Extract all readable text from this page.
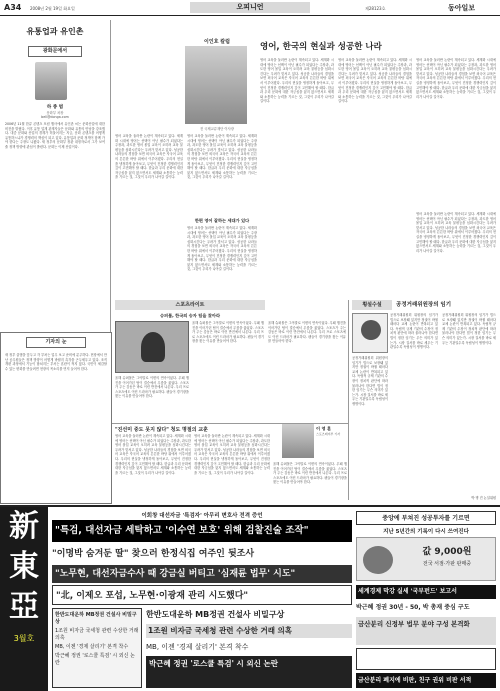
A34 2008년 2월 19일 화요일	오피니언	제28123호	동아일보
유통업과 유인촌
광화문에서
하 종 범
문화부 차장
bell@donga.com
2006년 11월 한류 콘텐츠 포럼 행사에서 유인촌 씨는 문화산업에 대한 비전을 밝혔다. 이후 유통 업계 관계자들은 문화와 유통의 만남을 강조했다. 대중 문화와 산업의 경계가 허물어지는 지금, 문화 콘텐츠를 어떻게 유통하느냐가 경쟁력의 핵심이 되고 있다. 유통업과 문화 정책이 함께 가야 한다는 주장도 나왔다. 새 정부의 문화부 장관 내정자로서 그가 보여줄 정책 방향에 관심이 쏠린다. 문화는 이제 산업이다.
기자의 눈
새 정부 출범을 앞두고 각 부처는 업무 보고 준비에 분주하다. 현장에서 만난 공무원들은 정책 방향이 어떻게 바뀔지 촉각을 곤두세우고 있다. 조직 개편 과정에서 기능이 합쳐지는 부서는 혼란이 적지 않다. 국민이 체감할 수 있는 변화를 만들려면 현장의 목소리를 먼저 들어야 한다.
이인호 칼럼
전 국제교류재단 이사장
영어, 한국의 현실과 성공한 나라
영어 교육을 둘러싼 논란이 계속되고 있다. 세계화 시대에 영어는 선택이 아닌 필수가 되었다는 주장과, 과도한 영어 몰입 교육이 오히려 교육 불평등을 심화시킨다는 우려가 맞서고 있다. 성공한 나라들의 경험을 보면 외국어 교육은 자국어 교육의 튼튼한 바탕 위에서 이루어졌다. 우리의 현실을 냉정하게 돌아보고, 무엇이 진정한 경쟁력인지 깊이 고민해야 할 때다. 한글과 우리 문화에 대한 자긍심을 잃지 않으면서도 세계와 소통하는 능력을 기르는 것, 그것이 우리가 나아갈 길이다.
영어 교육을 둘러싼 논란이 계속되고 있다. 세계화 시대에 영어는 선택이 아닌 필수가 되었다는 주장과, 과도한 영어 몰입 교육이 오히려 교육 불평등을 심화시킨다는 우려가 맞서고 있다. 성공한 나라들의 경험을 보면 외국어 교육은 자국어 교육의 튼튼한 바탕 위에서 이루어졌다. 우리의 현실을 냉정하게 돌아보고, 무엇이 진정한 경쟁력인지 깊이 고민해야 할 때다. 한글과 우리 문화에 대한 자긍심을 잃지 않으면서도 세계와 소통하는 능력을 기르는 것, 그것이 우리가 나아갈 길이다.
영어 교육을 둘러싼 논란이 계속되고 있다. 세계화 시대에 영어는 선택이 아닌 필수가 되었다는 주장과, 과도한 영어 몰입 교육이 오히려 교육 불평등을 심화시킨다는 우려가 맞서고 있다. 성공한 나라들의 경험을 보면 외국어 교육은 자국어 교육의 튼튼한 바탕 위에서 이루어졌다. 우리의 현실을 냉정하게 돌아보고, 무엇이 진정한 경쟁력인지 깊이 고민해야 할 때다. 한글과 우리 문화에 대한 자긍심을 잃지 않으면서도 세계와 소통하는 능력을 기르는 것, 그것이 우리가 나아갈 길이다.
영어 교육을 둘러싼 논란이 계속되고 있다. 세계화 시대에 영어는 선택이 아닌 필수가 되었다는 주장과, 과도한 영어 몰입 교육이 오히려 교육 불평등을 심화시킨다는 우려가 맞서고 있다. 성공한 나라들의 경험을 보면 외국어 교육은 자국어 교육의 튼튼한 바탕 위에서 이루어졌다. 우리의 현실을 냉정하게 돌아보고, 무엇이 진정한 경쟁력인지 깊이 고민해야 할 때다. 한글과 우리 문화에 대한 자긍심을 잃지 않으면서도 세계와 소통하는 능력을 기르는 것, 그것이 우리가 나아갈 길이다.
영어 교육을 둘러싼 논란이 계속되고 있다. 세계화 시대에 영어는 선택이 아닌 필수가 되었다는 주장과, 과도한 영어 몰입 교육이 오히려 교육 불평등을 심화시킨다는 우려가 맞서고 있다. 성공한 나라들의 경험을 보면 외국어 교육은 자국어 교육의 튼튼한 바탕 위에서 이루어졌다. 우리의 현실을 냉정하게 돌아보고, 무엇이 진정한 경쟁력인지 깊이 고민해야 할 때다. 한글과 우리 문화에 대한 자긍심을 잃지 않으면서도 세계와 소통하는 능력을 기르는 것, 그것이 우리가 나아갈 길이다.
한편 영어 잘하는 세대가 있다
영어 교육을 둘러싼 논란이 계속되고 있다. 세계화 시대에 영어는 선택이 아닌 필수가 되었다는 주장과, 과도한 영어 몰입 교육이 오히려 교육 불평등을 심화시킨다는 우려가 맞서고 있다. 성공한 나라들의 경험을 보면 외국어 교육은 자국어 교육의 튼튼한 바탕 위에서 이루어졌다. 우리의 현실을 냉정하게 돌아보고, 무엇이 진정한 경쟁력인지 깊이 고민해야 할 때다. 한글과 우리 문화에 대한 자긍심을 잃지 않으면서도 세계와 소통하는 능력을 기르는 것, 그것이 우리가 나아갈 길이다.
영어 교육을 둘러싼 논란이 계속되고 있다. 세계화 시대에 영어는 선택이 아닌 필수가 되었다는 주장과, 과도한 영어 몰입 교육이 오히려 교육 불평등을 심화시킨다는 우려가 맞서고 있다. 성공한 나라들의 경험을 보면 외국어 교육은 자국어 교육의 튼튼한 바탕 위에서 이루어졌다. 우리의 현실을 냉정하게 돌아보고, 무엇이 진정한 경쟁력인지 깊이 고민해야 할 때다. 한글과 우리 문화에 대한 자긍심을 잃지 않으면서도 세계와 소통하는 능력을 기르는 것, 그것이 우리가 나아갈 길이다.
스포츠라이트
슈퍼볼, 한국의 승자 팀을 찾아라
올해 슈퍼볼은 그야말로 이변의 연속이었다. 무패 행진을 이어가던 팀이 결승에서 무릎을 꿇었다. 스포츠가 주는 감동은 바로 이런 반전에서 나온다. 우리 프로 스포츠에도 이런 드라마가 필요하다. 팬들이 경기장을 찾는 이유를 만들어야 한다.
올해 슈퍼볼은 그야말로 이변의 연속이었다. 무패 행진을 이어가던 팀이 결승에서 무릎을 꿇었다. 스포츠가 주는 감동은 바로 이런 반전에서 나온다. 우리 프로 스포츠에도 이런 드라마가 필요하다. 팬들이 경기장을 찾는 이유를 만들어야 한다.
올해 슈퍼볼은 그야말로 이변의 연속이었다. 무패 행진을 이어가던 팀이 결승에서 무릎을 꿇었다. 스포츠가 주는 감동은 바로 이런 반전에서 나온다. 우리 프로 스포츠에도 이런 드라마가 필요하다. 팬들이 경기장을 찾는 이유를 만들어야 한다.
이 영 훈
스포츠레저부 기자
횡설수설	공정거래위원장의 임기
공정거래위원회 위원장의 임기가 법으로 보장돼 있지만 정권이 바뀔 때마다 교체 논란이 반복되고 있다. 독립적 규제 기관의 수장이 정치적 판단에 따라 물러나야 한다면 법이 정한 임기는 무슨 의미가 있는가. 시장 질서를 바로 세우는 기관일수록 독립성이 생명이다.
공정거래위원회 위원장의 임기가 법으로 보장돼 있지만 정권이 바뀔 때마다 교체 논란이 반복되고 있다. 독립적 규제 기관의 수장이 정치적 판단에 따라 물러나야 한다면 법이 정한 임기는 무슨 의미가 있는가. 시장 질서를 바로 세우는 기관일수록 독립성이 생명이다.
공정거래위원회 위원장의 임기가 법으로 보장돼 있지만 정권이 바뀔 때마다 교체 논란이 반복되고 있다. 독립적 규제 기관의 수장이 정치적 판단에 따라 물러나야 한다면 법이 정한 임기는 무슨 의미가 있는가. 시장 질서를 바로 세우는 기관일수록 독립성이 생명이다.
박 명 진 논설위원
"진선미 중도 못지 않다" 청도 명절의 교훈
영어 교육을 둘러싼 논란이 계속되고 있다. 세계화 시대에 영어는 선택이 아닌 필수가 되었다는 주장과, 과도한 영어 몰입 교육이 오히려 교육 불평등을 심화시킨다는 우려가 맞서고 있다. 성공한 나라들의 경험을 보면 외국어 교육은 자국어 교육의 튼튼한 바탕 위에서 이루어졌다. 우리의 현실을 냉정하게 돌아보고, 무엇이 진정한 경쟁력인지 깊이 고민해야 할 때다. 한글과 우리 문화에 대한 자긍심을 잃지 않으면서도 세계와 소통하는 능력을 기르는 것, 그것이 우리가 나아갈 길이다.
영어 교육을 둘러싼 논란이 계속되고 있다. 세계화 시대에 영어는 선택이 아닌 필수가 되었다는 주장과, 과도한 영어 몰입 교육이 오히려 교육 불평등을 심화시킨다는 우려가 맞서고 있다. 성공한 나라들의 경험을 보면 외국어 교육은 자국어 교육의 튼튼한 바탕 위에서 이루어졌다. 우리의 현실을 냉정하게 돌아보고, 무엇이 진정한 경쟁력인지 깊이 고민해야 할 때다. 한글과 우리 문화에 대한 자긍심을 잃지 않으면서도 세계와 소통하는 능력을 기르는 것, 그것이 우리가 나아갈 길이다.
올해 슈퍼볼은 그야말로 이변의 연속이었다. 무패 행진을 이어가던 팀이 결승에서 무릎을 꿇었다. 스포츠가 주는 감동은 바로 이런 반전에서 나온다. 우리 프로 스포츠에도 이런 드라마가 필요하다. 팬들이 경기장을 찾는 이유를 만들어야 한다.
新
東
亞
3월호
이회창 대선자금 '특검자' 아무리 변호사 전격 증언
"특검, 대선자금 세탁하고 '이수연 보호' 위해 검찰진술 조작"
"이명박 숨겨둔 딸" 찾으러 한정식집 여주인 뒷조사
"노무현, 대선자금수사 때 강금실 버티고 '심재륜 법무' 시도"
"北, 이제오 포섭, 노무현·이광재 관리 시도했다"
한반도대운하 MB정권 건설사 비밀구상
1조원 비자금 국세청 관련 수상한 거래 의혹
MB, 이젠 '경제 살리기' 본격 착수
박근혜 정권 '로스쿨 특검' 시 외신 논란
한반도대운하 MB정권 건설사 비밀구상
1조원 비자금 국세청 관련 수상한 거래 의혹
MB, 이젠 '경제 살리기' 본격 착수
박근혜 정권 '로스쿨 특검' 시 외신 논란
중앙에 부쳐진 성공투자를 기르면
지난 5년간의 기록이 다시 쓰여진다
값 9,000원
전국 서점·가판 판매중
세계경제 막강 실세 '국부펀드' 보고서
박근혜 정권 30년 - 50, 박 총재 중심 구도
금산분리 신정부 법무 분야 구성 본격화
금산분리 폐지에 비판, 친구 권위 비판 서적
